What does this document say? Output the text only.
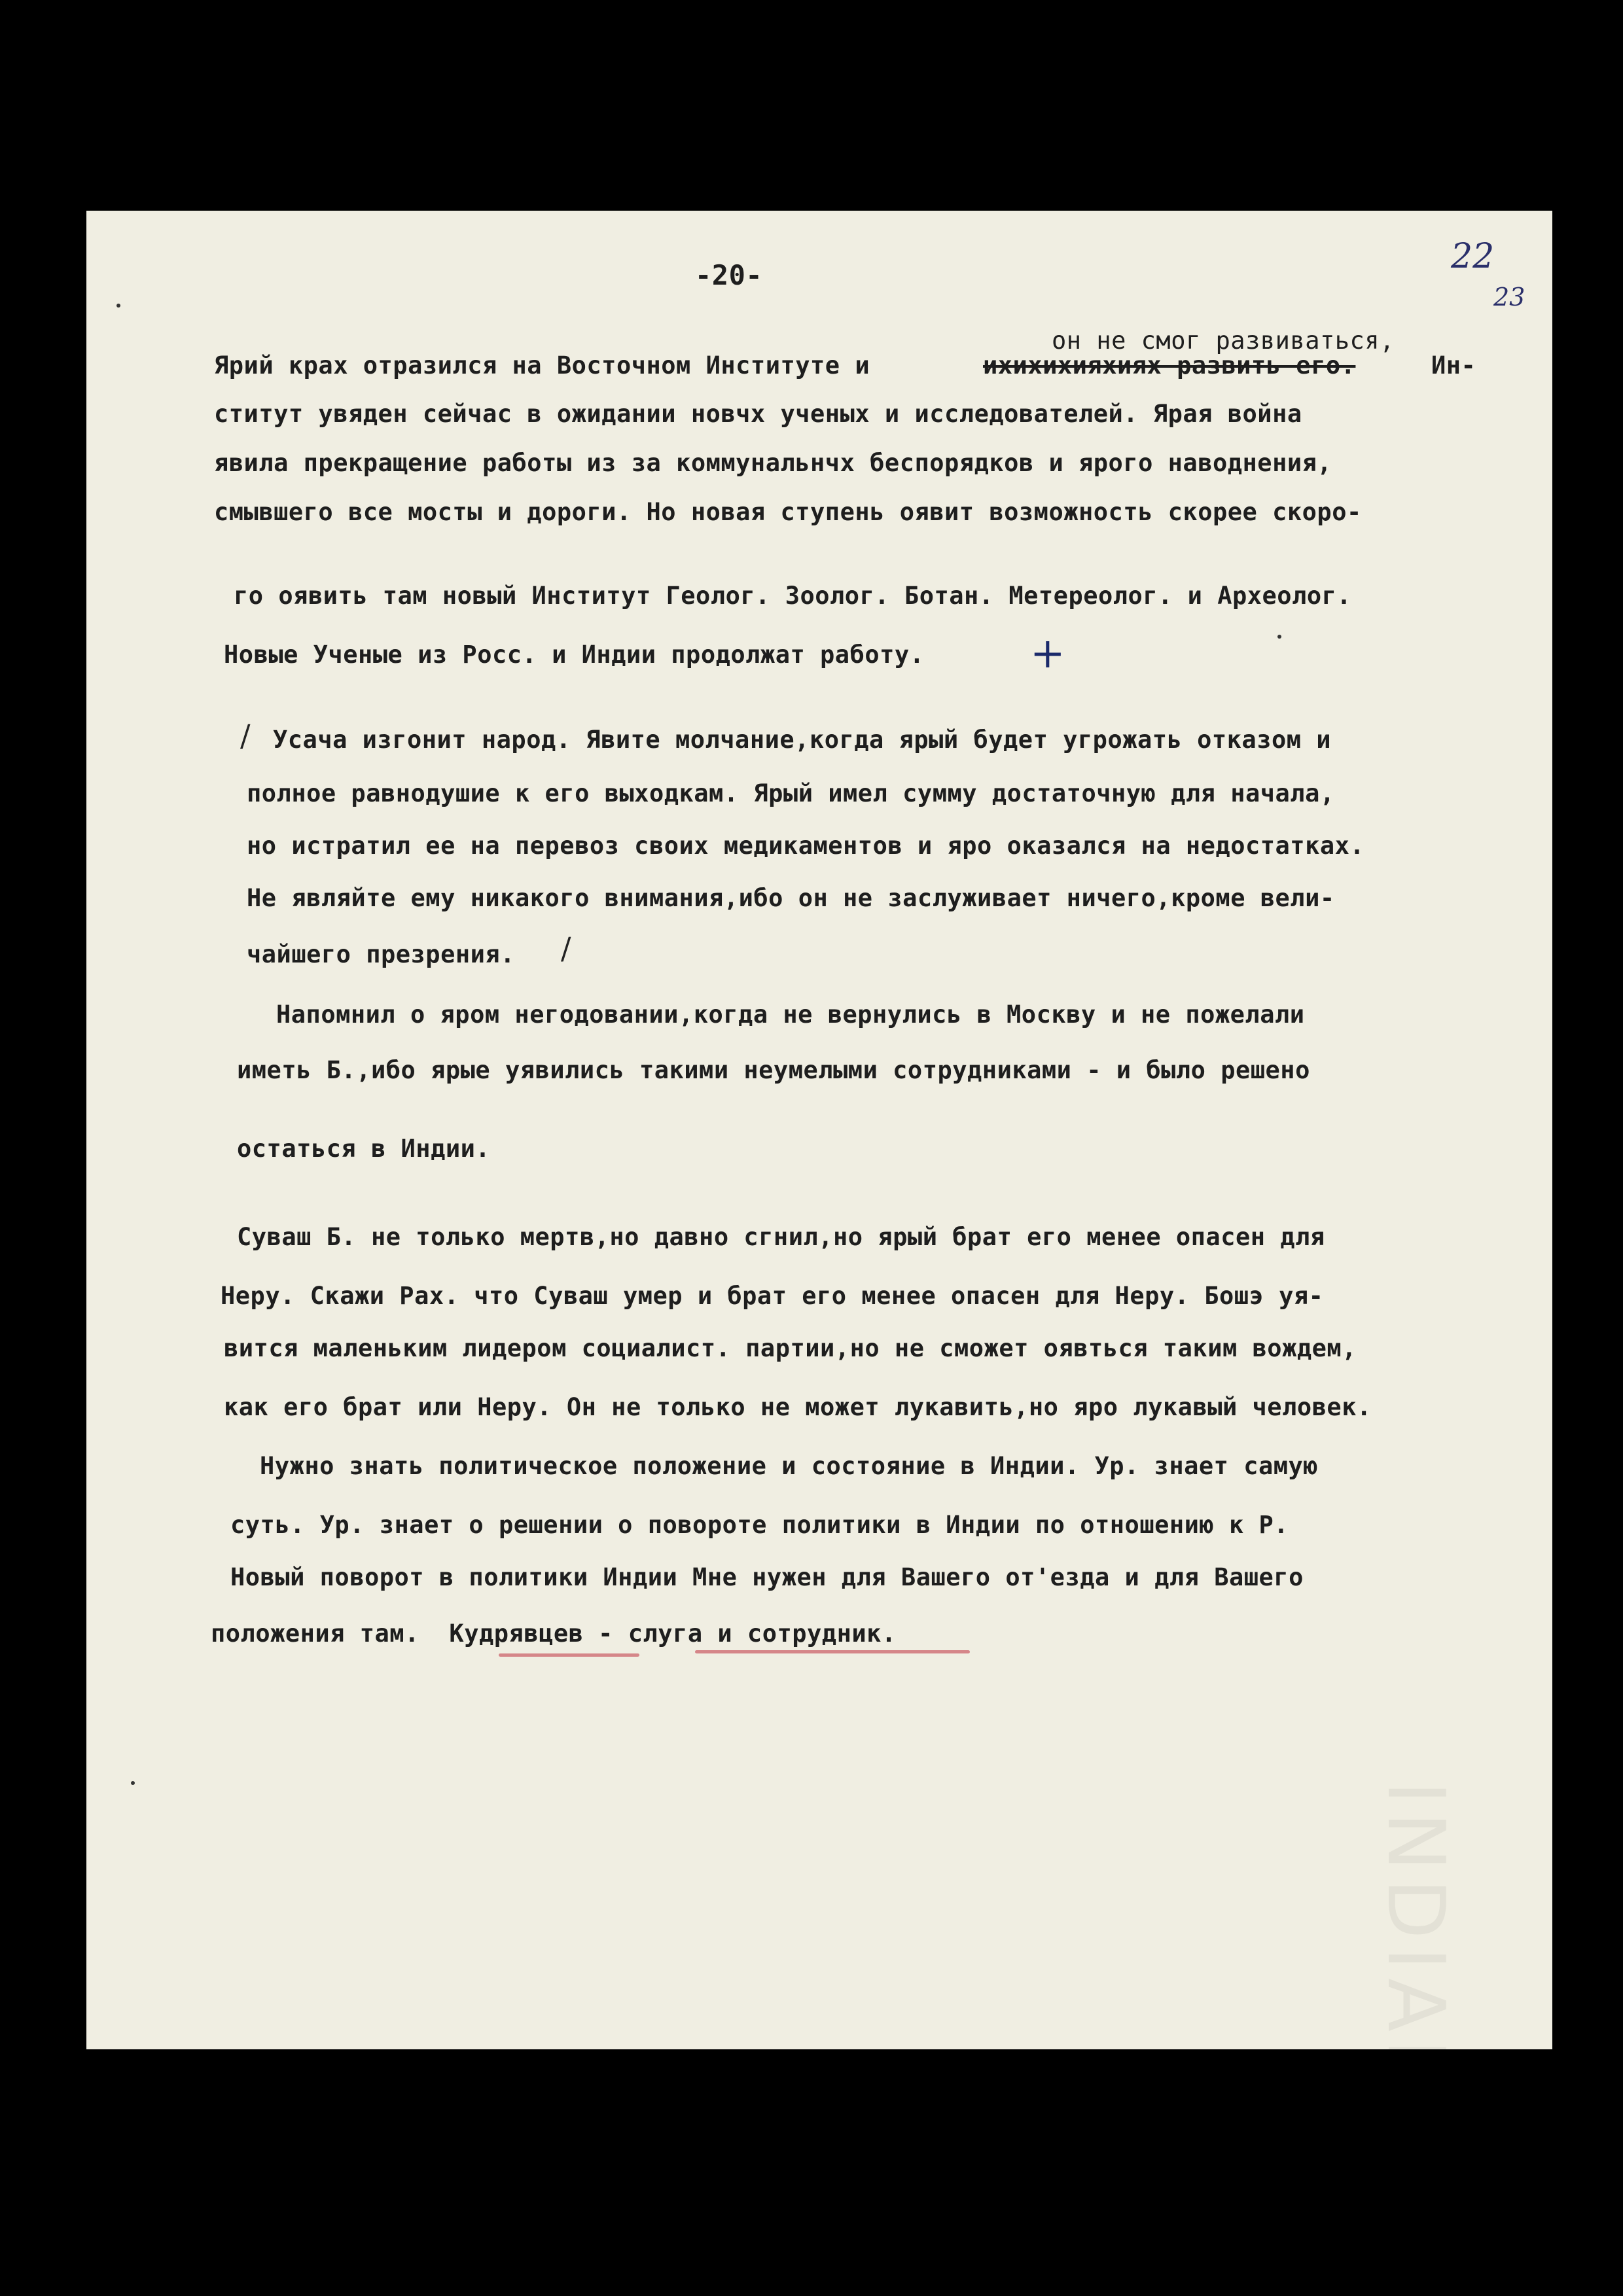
INDIANE
-20-	22
23
он не смог развиваться,
Ярий крах отразился на Восточном Институте и	ихихихияхиях развить его.	Ин-
ститут увяден сейчас в ожидании новчх ученых и исследователей. Ярая война
явила прекращение работы из за коммунальнчх беспорядков и ярого наводнения,
смывшего все мосты и дороги. Но новая ступень оявит возможность скорее скоро-
го оявить там новый Институт Геолог. Зоолог. Ботан. Метереолог. и Археолог.
Новые Ученые из Росс. и Индии продолжат работу.	+
/ Усача изгонит народ. Явите молчание,когда ярый будет угрожать отказом и
полное равнодушие к его выходкам. Ярый имел сумму достаточную для начала,
но истратил ее на перевоз своих медикаментов и яро оказался на недостатках.
Не являйте ему никакого внимания,ибо он не заслуживает ничего,кроме вели-
чайшего презрения. /
Напомнил о яром негодовании,когда не вернулись в Москву и не пожелали
иметь Б.,ибо ярые уявились такими неумелыми сотрудниками - и было решено
остаться в Индии.
Суваш Б. не только мертв,но давно сгнил,но ярый брат его менее опасен для
Неру. Скажи Рах. что Суваш умер и брат его менее опасен для Неру. Бошэ уя-
вится маленьким лидером социалист. партии,но не сможет оявться таким вождем,
как его брат или Неру. Он не только не может лукавить,но яро лукавый человек.
Нужно знать политическое положение и состояние в Индии. Ур. знает самую
суть. Ур. знает о решении о повороте политики в Индии по отношению к Р.
Новый поворот в политики Индии Мне нужен для Вашего от'езда и для Вашего
положения там.  Кудрявцев - слуга и сотрудник.
